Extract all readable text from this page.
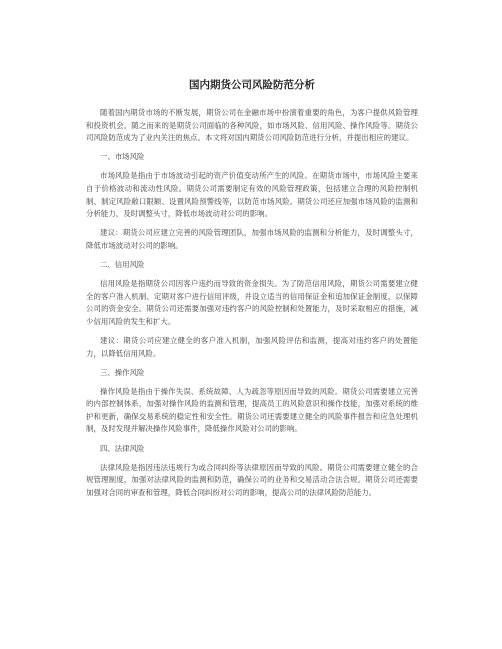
国内期货公司风险防范分析

随着国内期货市场的不断发展，期货公司在金融市场中扮演着重要的角色，为客户提供风险管理和投资机会。随之而来的是期货公司面临的各种风险，如市场风险、信用风险、操作风险等。期货公司风险防范成为了业内关注的焦点。本文将对国内期货公司风险防范进行分析，并提出相应的建议。

一、市场风险

市场风险是指由于市场波动引起的资产价值变动所产生的风险。在期货市场中，市场风险主要来自于价格波动和流动性风险。期货公司需要制定有效的风险管理政策，包括建立合理的风险控制机制、制定风险敞口限额、设置风险预警线等，以防范市场风险。期货公司还应加强市场风险的监测和分析能力，及时调整头寸，降低市场波动对公司的影响。

建议：期货公司应建立完善的风险管理团队，加强市场风险的监测和分析能力，及时调整头寸，降低市场波动对公司的影响。

二、信用风险

信用风险是指期货公司因客户违约而导致的资金损失。为了防范信用风险，期货公司需要建立健全的客户准入机制、定期对客户进行信用评级，并设立适当的信用保证金和追加保证金制度，以保障公司的资金安全。期货公司还需要加强对违约客户的风险控制和处置能力，及时采取相应的措施，减少信用风险的发生和扩大。

建议：期货公司应建立健全的客户准入机制，加强风险评估和监测，提高对违约客户的处置能力，以降低信用风险。

三、操作风险

操作风险是指由于操作失误、系统故障、人为疏忽等原因而导致的风险。期货公司需要建立完善的内部控制体系，加强对操作风险的监测和管理，提高员工的风险意识和操作技能，加强对系统的维护和更新，确保交易系统的稳定性和安全性。期货公司还需要建立健全的风险事件报告和应急处理机制，及时发现并解决操作风险事件，降低操作风险对公司的影响。

四、法律风险

法律风险是指因违法违规行为或合同纠纷等法律原因而导致的风险。期货公司需要建立健全的合规管理制度，加强对法律风险的监测和防范，确保公司的业务和交易活动合法合规。期货公司还需要加强对合同的审查和管理，降低合同纠纷对公司的影响，提高公司的法律风险防范能力。
